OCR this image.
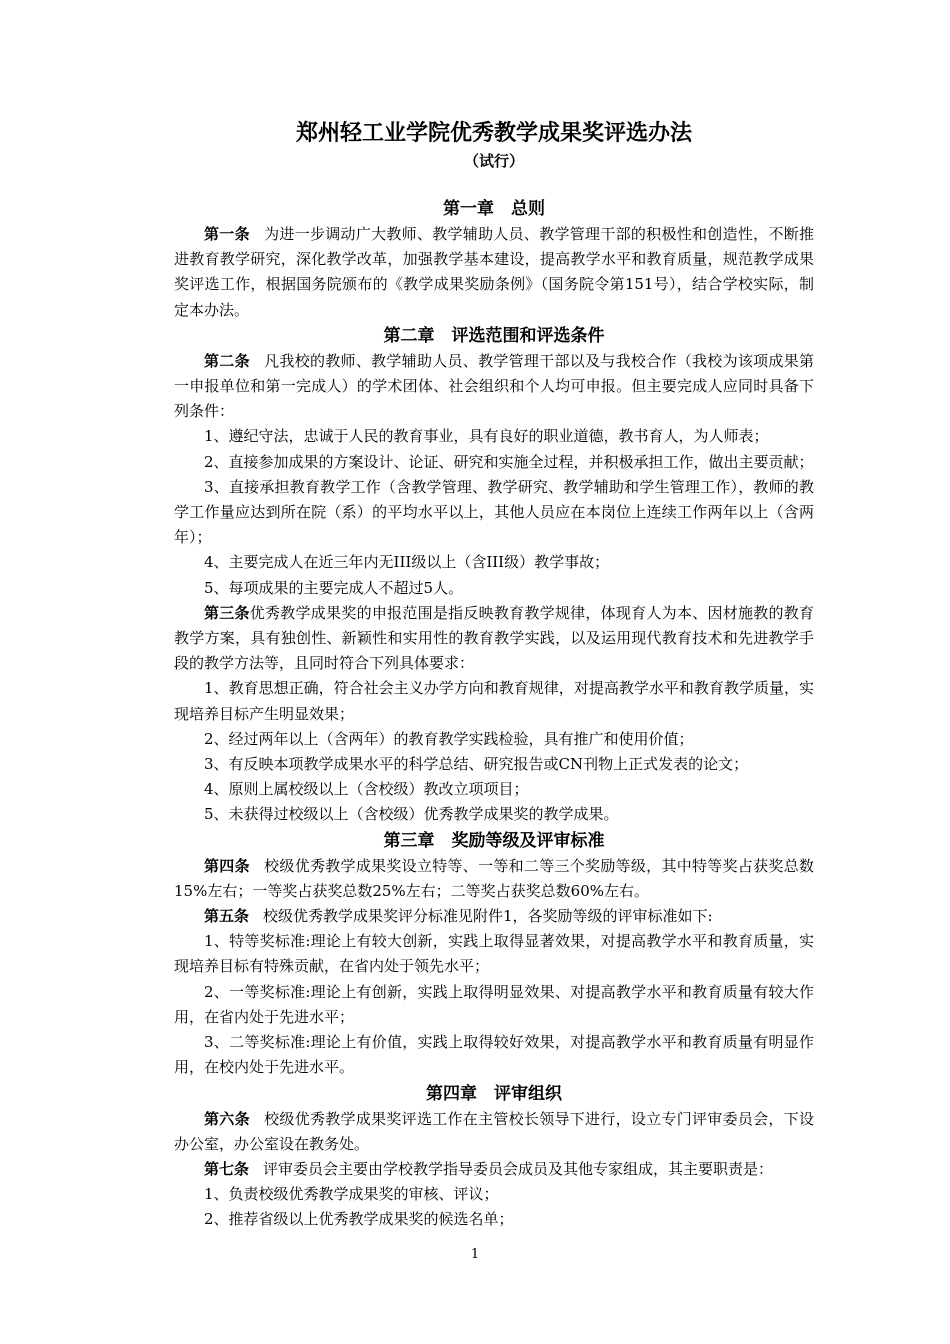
郑州轻工业学院优秀教学成果奖评选办法
（试行）
第一章　总则

第一条 为进一步调动广大教师、教学辅助人员、教学管理干部的积极性和创造性，不断推进教育教学研究，深化教学改革，加强教学基本建设，提高教学水平和教育质量，规范教学成果奖评选工作，根据国务院颁布的《教学成果奖励条例》（国务院令第151号），结合学校实际，制定本办法。

第二章　评选范围和评选条件

第二条 凡我校的教师、教学辅助人员、教学管理干部以及与我校合作（我校为该项成果第一申报单位和第一完成人）的学术团体、社会组织和个人均可申报。但主要完成人应同时具备下列条件：

1、遵纪守法，忠诚于人民的教育事业，具有良好的职业道德，教书育人，为人师表；

2、直接参加成果的方案设计、论证、研究和实施全过程，并积极承担工作，做出主要贡献；

3、直接承担教育教学工作（含教学管理、教学研究、教学辅助和学生管理工作），教师的教学工作量应达到所在院（系）的平均水平以上，其他人员应在本岗位上连续工作两年以上（含两年）；

4、主要完成人在近三年内无III级以上（含III级）教学事故；

5、每项成果的主要完成人不超过5人。

第三条优秀教学成果奖的申报范围是指反映教育教学规律，体现育人为本、因材施教的教育教学方案，具有独创性、新颖性和实用性的教育教学实践，以及运用现代教育技术和先进教学手段的教学方法等，且同时符合下列具体要求：

1、教育思想正确，符合社会主义办学方向和教育规律，对提高教学水平和教育教学质量，实现培养目标产生明显效果；

2、经过两年以上（含两年）的教育教学实践检验，具有推广和使用价值；

3、有反映本项教学成果水平的科学总结、研究报告或CN刊物上正式发表的论文；

4、原则上属校级以上（含校级）教改立项项目；

5、未获得过校级以上（含校级）优秀教学成果奖的教学成果。

第三章　奖励等级及评审标准

第四条 校级优秀教学成果奖设立特等、一等和二等三个奖励等级，其中特等奖占获奖总数15%左右；一等奖占获奖总数25%左右；二等奖占获奖总数60%左右。

第五条 校级优秀教学成果奖评分标准见附件1，各奖励等级的评审标准如下:

1、特等奖标准:理论上有较大创新，实践上取得显著效果，对提高教学水平和教育质量，实现培养目标有特殊贡献，在省内处于领先水平；

2、一等奖标准:理论上有创新，实践上取得明显效果、对提高教学水平和教育质量有较大作用，在省内处于先进水平；

3、二等奖标准:理论上有价值，实践上取得较好效果，对提高教学水平和教育质量有明显作用，在校内处于先进水平。

第四章　评审组织

第六条 校级优秀教学成果奖评选工作在主管校长领导下进行，设立专门评审委员会，下设办公室，办公室设在教务处。

第七条 评审委员会主要由学校教学指导委员会成员及其他专家组成，其主要职责是：

1、负责校级优秀教学成果奖的审核、评议；

2、推荐省级以上优秀教学成果奖的候选名单；

1
